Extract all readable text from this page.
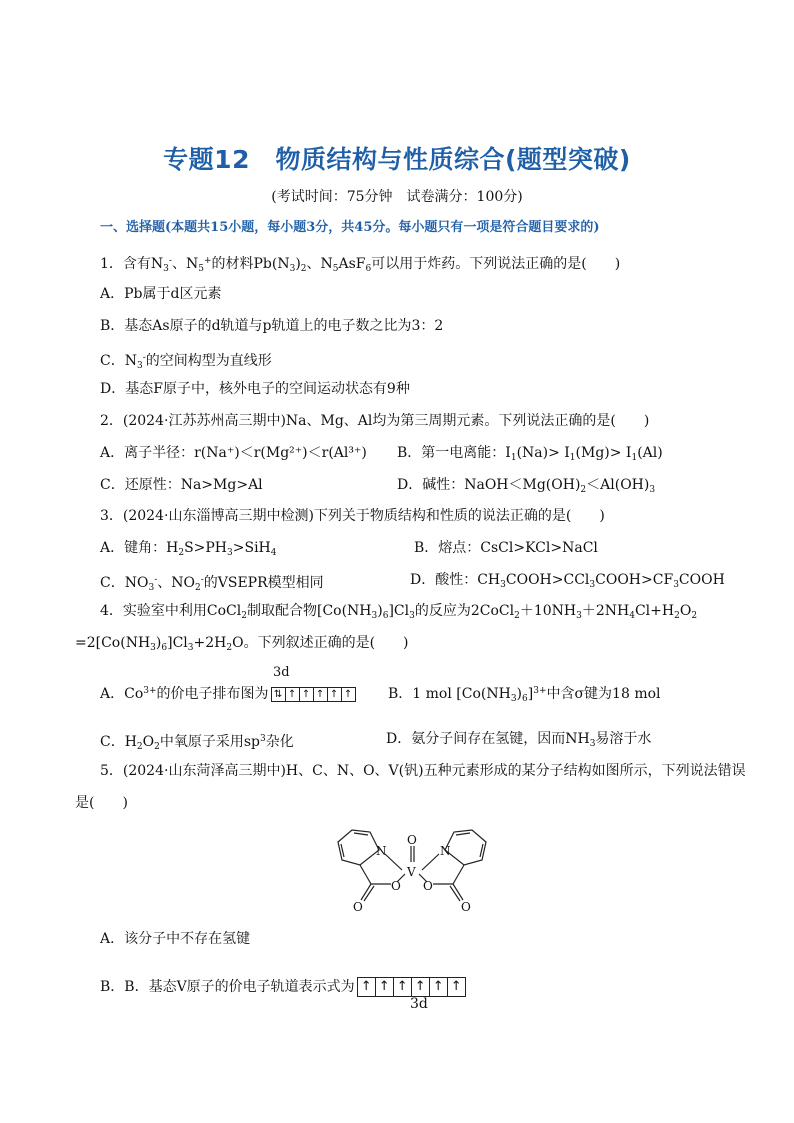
专题12　物质结构与性质综合(题型突破)
(考试时间：75分钟　试卷满分：100分)
一、选择题(本题共15小题，每小题3分，共45分。每小题只有一项是符合题目要求的)
1．含有$N_3^-$、$N_5^+$的材料$Pb(N_3)_2$、$N_5AsF_6$可以用于炸药。下列说法正确的是(　　)
A．Pb属于d区元素
B．基态As原子的d轨道与p轨道上的电子数之比为3：2
C．$N_3^-$的空间构型为直线形
D．基态F原子中，核外电子的空间运动状态有9种
2．(2024·江苏苏州高三期中)Na、Mg、Al均为第三周期元素。下列说法正确的是(　　)
A．离子半径：r(Na⁺)＜r(Mg²⁺)＜r(Al³⁺) B．第一电离能：$I_1(Na)> I_1(Mg)> I_1(Al)$
C．还原性：Na>Mg>Al	D．碱性：$NaOH<Mg(OH)_2<Al(OH)_3$
3．(2024·山东淄博高三期中检测)下列关于物质结构和性质的说法正确的是(　　)
A．键角：$H_2S>PH_3>SiH_4$	B．熔点：CsCl>KCl>NaCl
C．$NO_3^-$、$NO_2^-$的VSEPR模型相同	D．酸性：$CH_3COOH>CCl_3COOH>CF_3COOH$
4．实验室中利用CoCl$_2$制取配合物$[Co(NH_3)_6]Cl_3$的反应为$2CoCl_2+10NH_3+2NH_4Cl+H_2O_2$
$=2[Co(NH_3)_6]Cl_3+2H_2O$。下列叙述正确的是(　　)
3d
A．$Co^{3+}$的价电子排布图为 ⇅ ↑ ↑ ↑ ↑ ↑	B．1 mol $[Co(NH_3)_6]^{3+}$中含σ键为18 mol
C．$H_2O_2$中氧原子采用$sp^3$杂化	D．氨分子间存在氢键，因而$NH_3$易溶于水
5．(2024·山东菏泽高三期中)H、C、N、O、V(钒)五种元素形成的某分子结构如图所示，下列说法错误
是(　　)
N	N
V
O
O O
O	O
A．该分子中不存在氢键
B．B．基态V原子的价电子轨道表示式为 ↑ ↑ ↑ ↑ ↑ ↑
3d
